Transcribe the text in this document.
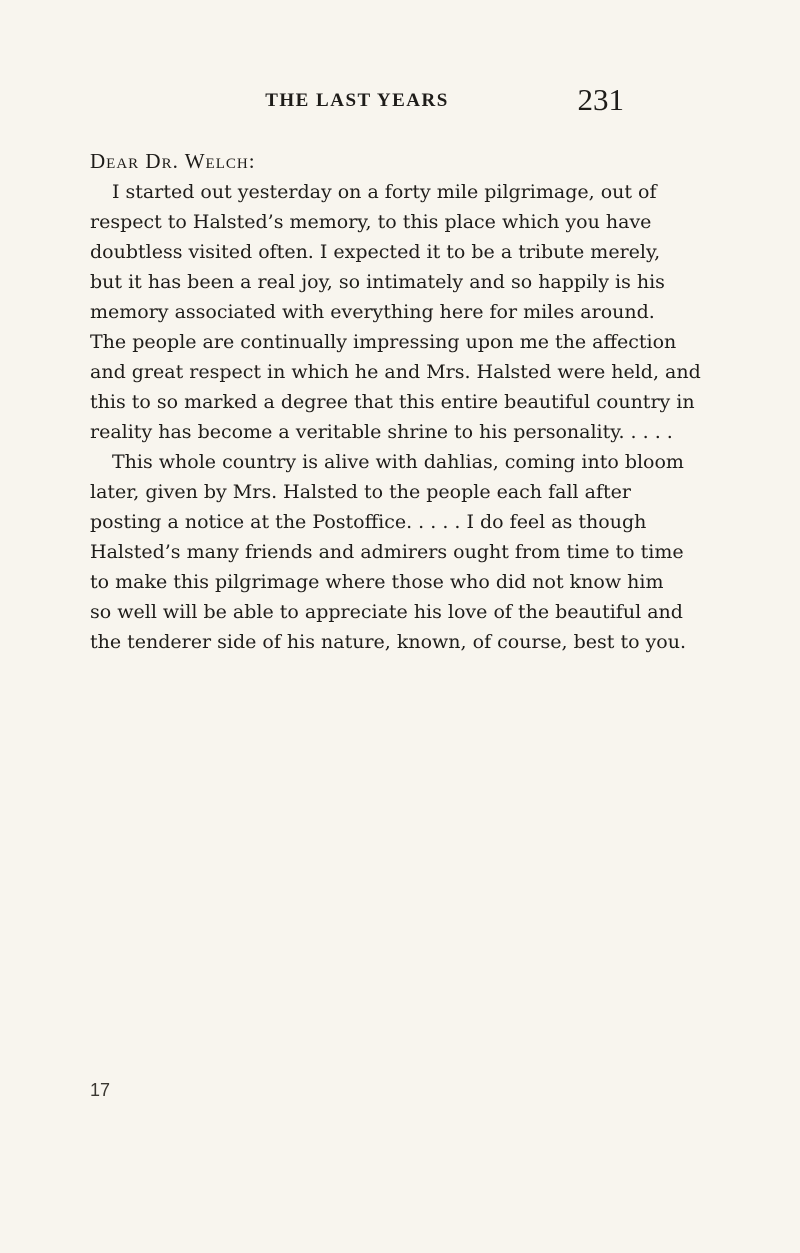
THE LAST YEARS	231

Dear Dr. Welch:

I started out yesterday on a forty mile pilgrimage, out of
respect to Halsted’s memory, to this place which you have
doubtless visited often. I expected it to be a tribute merely,
but it has been a real joy, so intimately and so happily is his
memory associated with everything here for miles around.
The people are continually impressing upon me the affection
and great respect in which he and Mrs. Halsted were held, and
this to so marked a degree that this entire beautiful country in
reality has become a veritable shrine to his personality. . . . .
This whole country is alive with dahlias, coming into bloom
later, given by Mrs. Halsted to the people each fall after
posting a notice at the Postoffice. . . . . I do feel as though
Halsted’s many friends and admirers ought from time to time
to make this pilgrimage where those who did not know him
so well will be able to appreciate his love of the beautiful and
the tenderer side of his nature, known, of course, best to you.
17
